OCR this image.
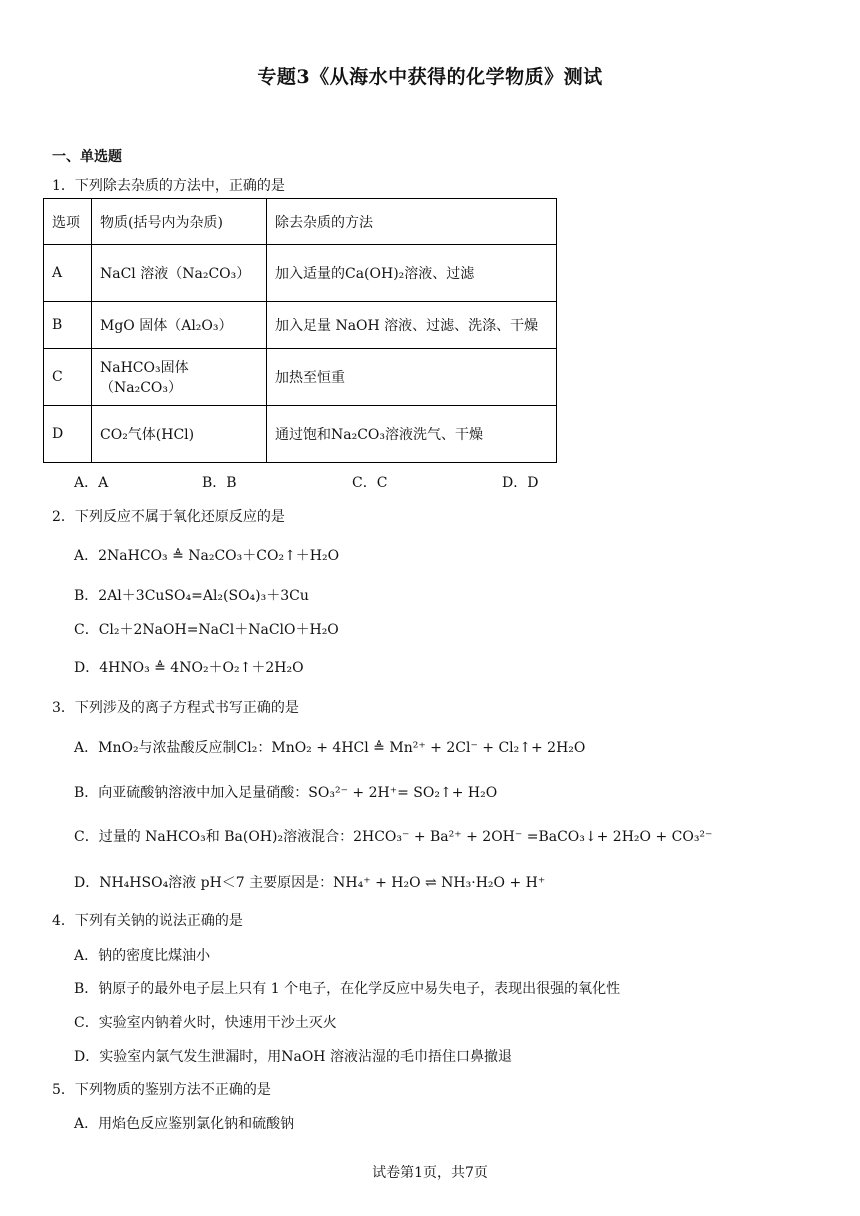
专题3《从海水中获得的化学物质》测试
一、单选题
1．下列除去杂质的方法中，正确的是
选项	物质(括号内为杂质)	除去杂质的方法
A	NaCl 溶液（Na₂CO₃）	加入适量的Ca(OH)₂溶液、过滤
B	MgO 固体（Al₂O₃）	加入足量 NaOH 溶液、过滤、洗涤、干燥
C	NaHCO₃固体（Na₂CO₃）	加热至恒重
D	CO₂气体(HCl)	通过饱和Na₂CO₃溶液洗气、干燥
A．A	B．B	C．C	D．D
2．下列反应不属于氧化还原反应的是
A．2NaHCO₃ ≜ Na₂CO₃＋CO₂↑＋H₂O
B．2Al＋3CuSO₄=Al₂(SO₄)₃＋3Cu
C．Cl₂＋2NaOH=NaCl＋NaClO＋H₂O
D．4HNO₃ ≜ 4NO₂＋O₂↑＋2H₂O
3．下列涉及的离子方程式书写正确的是
A．MnO₂与浓盐酸反应制Cl₂：MnO₂ + 4HCl ≜ Mn²⁺ + 2Cl⁻ + Cl₂↑+ 2H₂O
B．向亚硫酸钠溶液中加入足量硝酸：SO₃²⁻ + 2H⁺= SO₂↑+ H₂O
C．过量的 NaHCO₃和 Ba(OH)₂溶液混合：2HCO₃⁻ + Ba²⁺ + 2OH⁻ =BaCO₃↓+ 2H₂O + CO₃²⁻
D．NH₄HSO₄溶液 pH＜7 主要原因是：NH₄⁺ + H₂O ⇌ NH₃·H₂O + H⁺
4．下列有关钠的说法正确的是
A．钠的密度比煤油小
B．钠原子的最外电子层上只有 1 个电子，在化学反应中易失电子，表现出很强的氧化性
C．实验室内钠着火时，快速用干沙土灭火
D．实验室内氯气发生泄漏时，用NaOH 溶液沾湿的毛巾捂住口鼻撤退
5．下列物质的鉴别方法不正确的是
A．用焰色反应鉴别氯化钠和硫酸钠
试卷第1页，共7页
